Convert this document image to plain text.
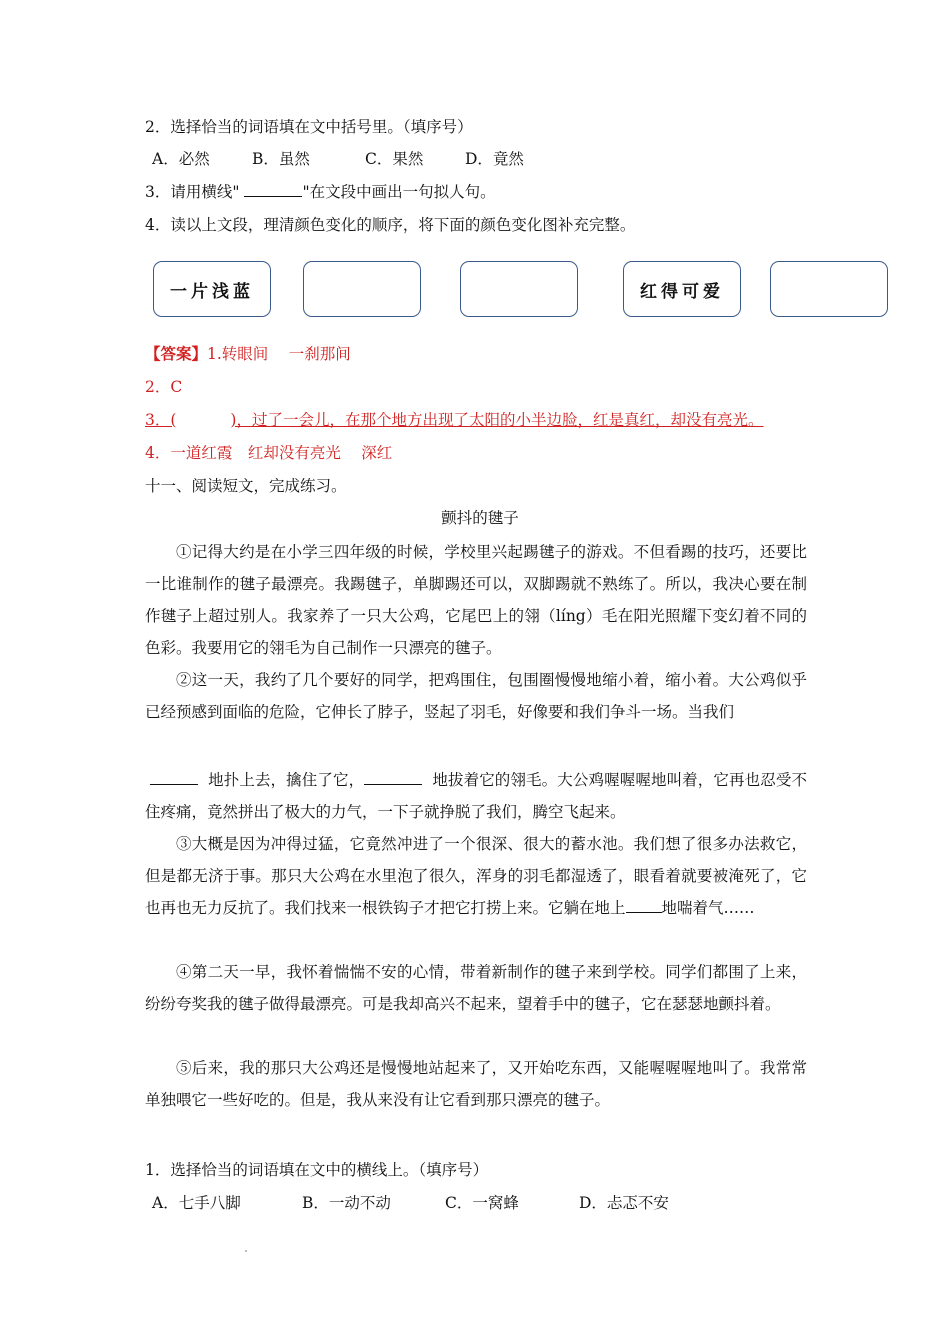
2．选择恰当的词语填在文中括号里。（填序号）
A．必然	B．虽然	C．果然	D．竟然
3．请用横线"	"在文段中画出一句拟人句。
4．读以上文段，理清颜色变化的顺序，将下面的颜色变化图补充完整。
一片浅蓝	红得可爱
【答案】1.转眼间　 一刹那间
2．C
3．(	)，过了一会儿，在那个地方出现了太阳的小半边脸，红是真红，却没有亮光。
4．一道红霞　红却没有亮光　 深红
十一、阅读短文，完成练习。
颤抖的毽子
①记得大约是在小学三四年级的时候，学校里兴起踢毽子的游戏。不但看踢的技巧，还要比一比谁制作的毽子最漂亮。我踢毽子，单脚踢还可以，双脚踢就不熟练了。所以，我决心要在制作毽子上超过别人。我家养了一只大公鸡，它尾巴上的翎（líng）毛在阳光照耀下变幻着不同的色彩。我要用它的翎毛为自己制作一只漂亮的毽子。
②这一天，我约了几个要好的同学，把鸡围住，包围圈慢慢地缩小着，缩小着。大公鸡似乎已经预感到面临的危险，它伸长了脖子，竖起了羽毛，好像要和我们争斗一场。当我们
地扑上去，擒住了它，	地拔着它的翎毛。大公鸡喔喔喔地叫着，它再也忍受不住疼痛，竟然拼出了极大的力气，一下子就挣脱了我们，腾空飞起来。
③大概是因为冲得过猛，它竟然冲进了一个很深、很大的蓄水池。我们想了很多办法救它，但是都无济于事。那只大公鸡在水里泡了很久，浑身的羽毛都湿透了，眼看着就要被淹死了，它也再也无力反抗了。我们找来一根铁钩子才把它打捞上来。它躺在地上 地喘着气……
④第二天一早，我怀着惴惴不安的心情，带着新制作的毽子来到学校。同学们都围了上来，纷纷夸奖我的毽子做得最漂亮。可是我却高兴不起来，望着手中的毽子，它在瑟瑟地颤抖着。
⑤后来，我的那只大公鸡还是慢慢地站起来了，又开始吃东西，又能喔喔喔地叫了。我常常单独喂它一些好吃的。但是，我从来没有让它看到那只漂亮的毽子。
1．选择恰当的词语填在文中的横线上。（填序号）
A．七手八脚	B．一动不动	C．一窝蜂	D．忐忑不安
